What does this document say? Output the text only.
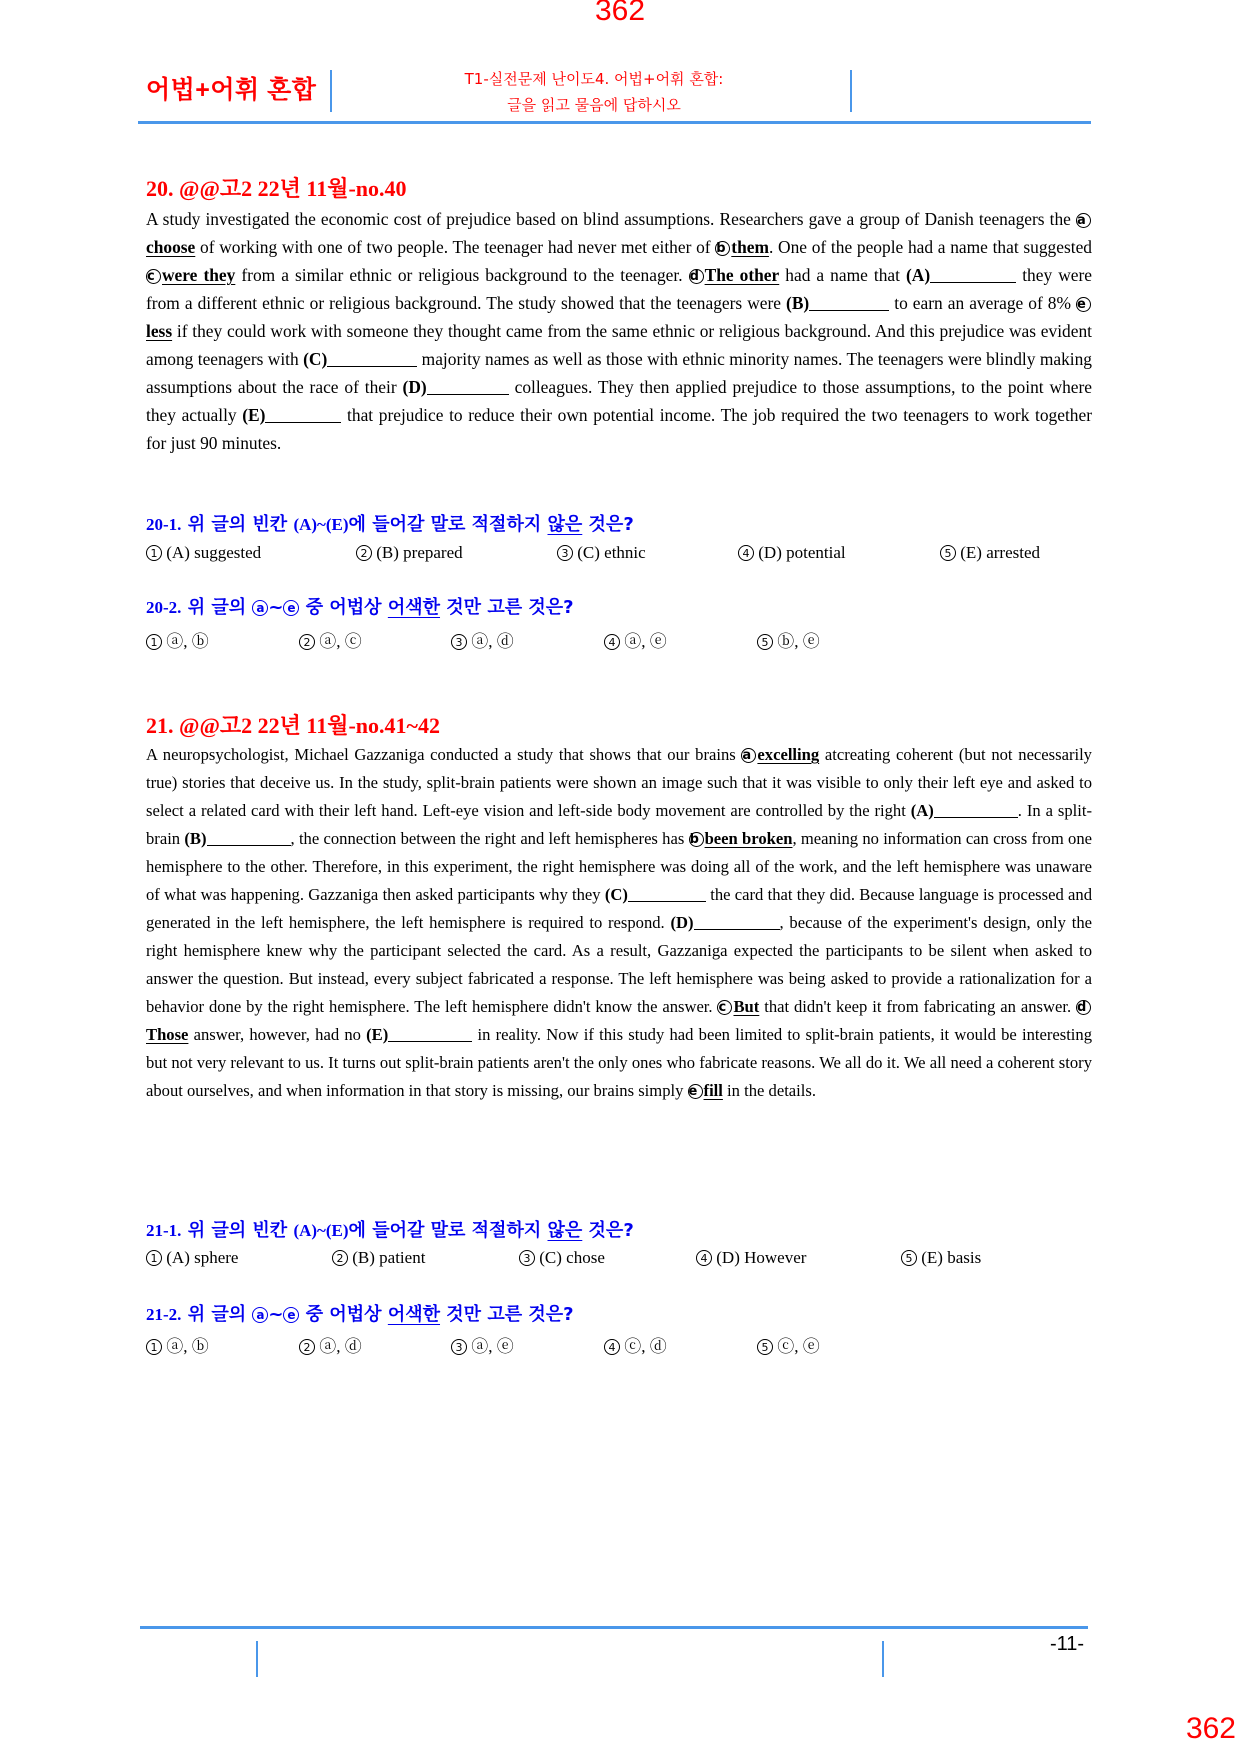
362
어법+어휘 혼합	T1-실전문제 난이도4. 어법+어휘 혼합:
글을 읽고 물음에 답하시오
20. @@고2 22년 11월-no.40
A study investigated the economic cost of prejudice based on blind assumptions. Researchers gave a group of Danish teenagers the achoose of working with one of two people. The teenager had never met either of b them. One of the people had a name that suggested c were they from a similar ethnic or religious background to the teenager. d The other had a name that (A)	they were from a different ethnic or religious background. The study showed that the teenagers were (B)	to earn an average of 8% eless if they could work with someone they thought came from the same ethnic or religious background. And this prejudice was evident among teenagers with (C)	majority names as well as those with ethnic minority names. The teenagers were blindly making assumptions about the race of their (D)	colleagues. They then applied prejudice to those assumptions, to the point where they actually (E)	that prejudice to reduce their own potential income. The job required the two teenagers to work together for just 90 minutes.
20-1. 위 글의 빈칸 (A)~(E)에 들어갈 말로 적절하지 않은 것은?
1 (A) suggested	2 (B) prepared	3 (C) ethnic	4 (D) potential	5 (E) arrested
20-2. 위 글의 a ~ e 중 어법상 어색한 것만 고른 것은?
1 ⓐ, ⓑ	2 ⓐ, ⓒ	3 ⓐ, ⓓ	4 ⓐ, ⓔ	5 ⓑ, ⓔ
21. @@고2 22년 11월-no.41~42
A neuropsychologist, Michael Gazzaniga conducted a study that shows that our brains a excelling atcreating coherent (but not necessarily true) stories that deceive us. In the study, split-brain patients were shown an image such that it was visible to only their left eye and asked to select a related card with their left hand. Left-eye vision and left-side body movement are controlled by the right (A)	. In a split-brain (B)	, the connection between the right and left hemispheres has b been broken, meaning no information can cross from one hemisphere to the other. Therefore, in this experiment, the right hemisphere was doing all of the work, and the left hemisphere was unaware of what was happening. Gazzaniga then asked participants why they (C)	the card that they did. Because language is processed and generated in the left hemisphere, the left hemisphere is required to respond. (D)	, because of the experiment's design, only the right hemisphere knew why the participant selected the card. As a result, Gazzaniga expected the participants to be silent when asked to answer the question. But instead, every subject fabricated a response. The left hemisphere was being asked to provide a rationalization for a behavior done by the right hemisphere. The left hemisphere didn't know the answer. c But that didn't keep it from fabricating an answer. dThose answer, however, had no (E)	in reality. Now if this study had been limited to split-brain patients, it would be interesting but not very relevant to us. It turns out split-brain patients aren't the only ones who fabricate reasons. We all do it. We all need a coherent story about ourselves, and when information in that story is missing, our brains simply e fill in the details.
21-1. 위 글의 빈칸 (A)~(E)에 들어갈 말로 적절하지 않은 것은?
1 (A) sphere	2 (B) patient	3 (C) chose	4 (D) However	5 (E) basis
21-2. 위 글의 a ~ e 중 어법상 어색한 것만 고른 것은?
1 ⓐ, ⓑ	2 ⓐ, ⓓ	3 ⓐ, ⓔ	4 ⓒ, ⓓ	5 ⓒ, ⓔ
-11-
362
